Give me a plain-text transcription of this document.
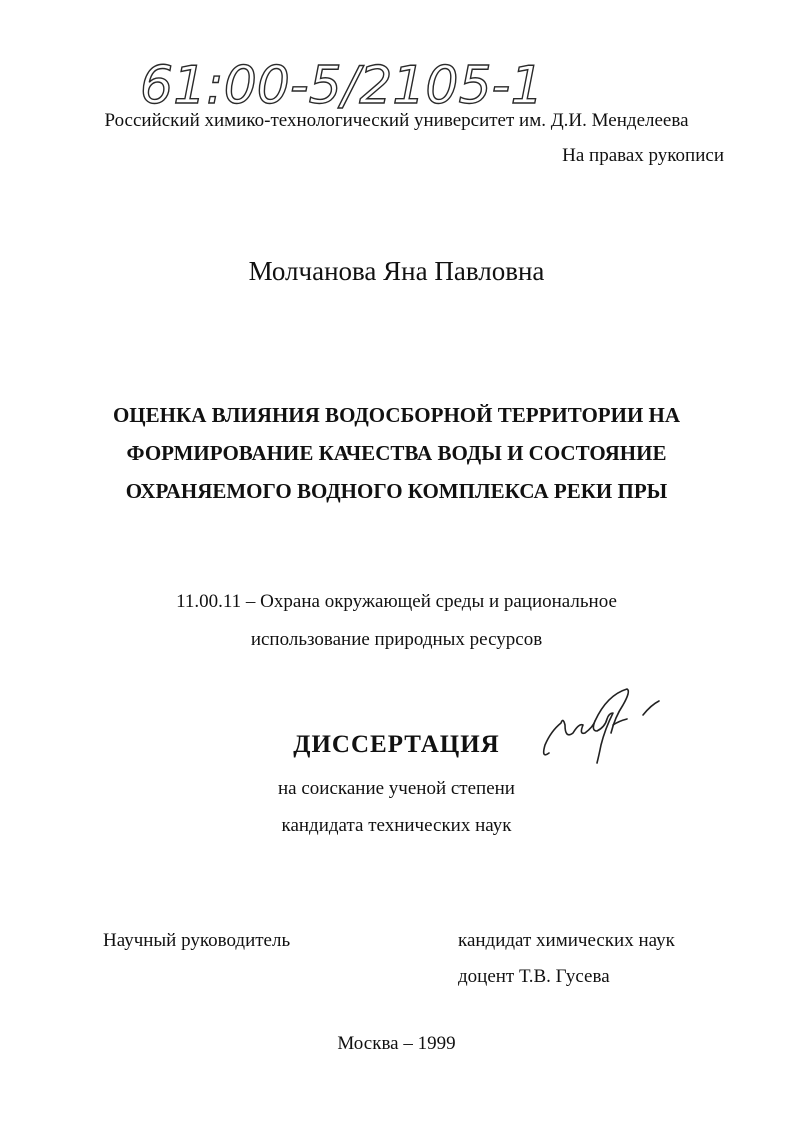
61:00-5/2105-1

Российский химико-технологический университет им. Д.И. Менделеева

На правах рукописи

Молчанова Яна Павловна

ОЦЕНКА ВЛИЯНИЯ ВОДОСБОРНОЙ ТЕРРИТОРИИ НА
ФОРМИРОВАНИЕ КАЧЕСТВА ВОДЫ И СОСТОЯНИЕ
ОХРАНЯЕМОГО ВОДНОГО КОМПЛЕКСА РЕКИ ПРЫ
11.00.11 – Охрана окружающей среды и рациональное
использование природных ресурсов

ДИССЕРТАЦИЯ

на соискание ученой степени

кандидата технических наук

Научный руководитель	кандидат химических наук

доцент Т.В. Гусева

Москва – 1999
